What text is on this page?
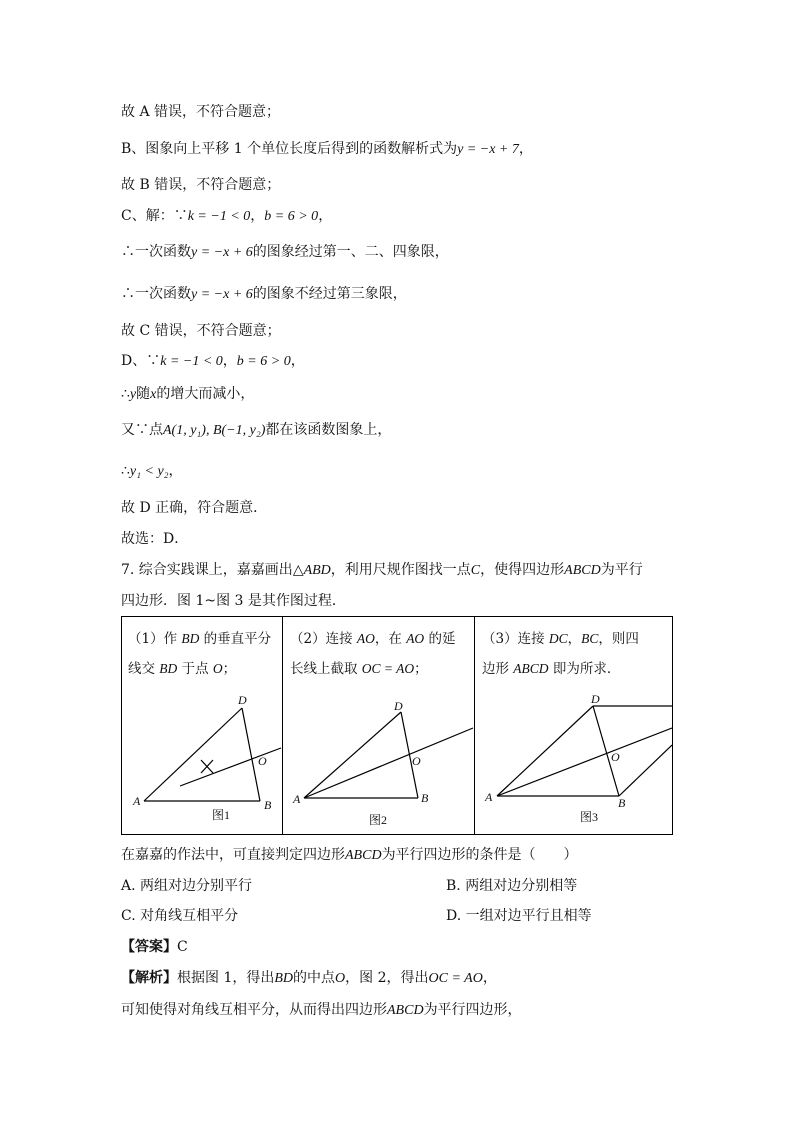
故 A 错误，不符合题意；
B、图象向上平移 1 个单位长度后得到的函数解析式为y = −x + 7，
故 B 错误，不符合题意；
C、解：∵k = −1 < 0，b = 6 > 0，
∴一次函数y = −x + 6的图象经过第一、二、四象限，
∴一次函数y = −x + 6的图象不经过第三象限，
故 C 错误，不符合题意；
D、∵k = −1 < 0，b = 6 > 0，
∴y随x的增大而减小，
又∵点A(1, y₁), B(−1, y₂)都在该函数图象上，
∴y₁ < y₂，
故 D 正确，符合题意．
故选：D．
7. 综合实践课上，嘉嘉画出△ABD，利用尺规作图找一点C，使得四边形ABCD为平行
四边形．图 1~图 3 是其作图过程．
（1）作 BD 的垂直平分
线交 BD 于点 O；
（2）连接 AO，在 AO 的延
长线上截取 OC = AO；
（3）连接 DC，BC，则四
边形 ABCD 即为所求．
A	B
D
O
图1
A	B
D
O
图2
A	B
D
O
图3
在嘉嘉的作法中，可直接判定四边形ABCD为平行四边形的条件是（　　）
A. 两组对边分别平行	B. 两组对边分别相等
C. 对角线互相平分	D. 一组对边平行且相等
【答案】C
【解析】根据图 1，得出BD的中点O，图 2，得出OC = AO，
可知使得对角线互相平分，从而得出四边形ABCD为平行四边形，
